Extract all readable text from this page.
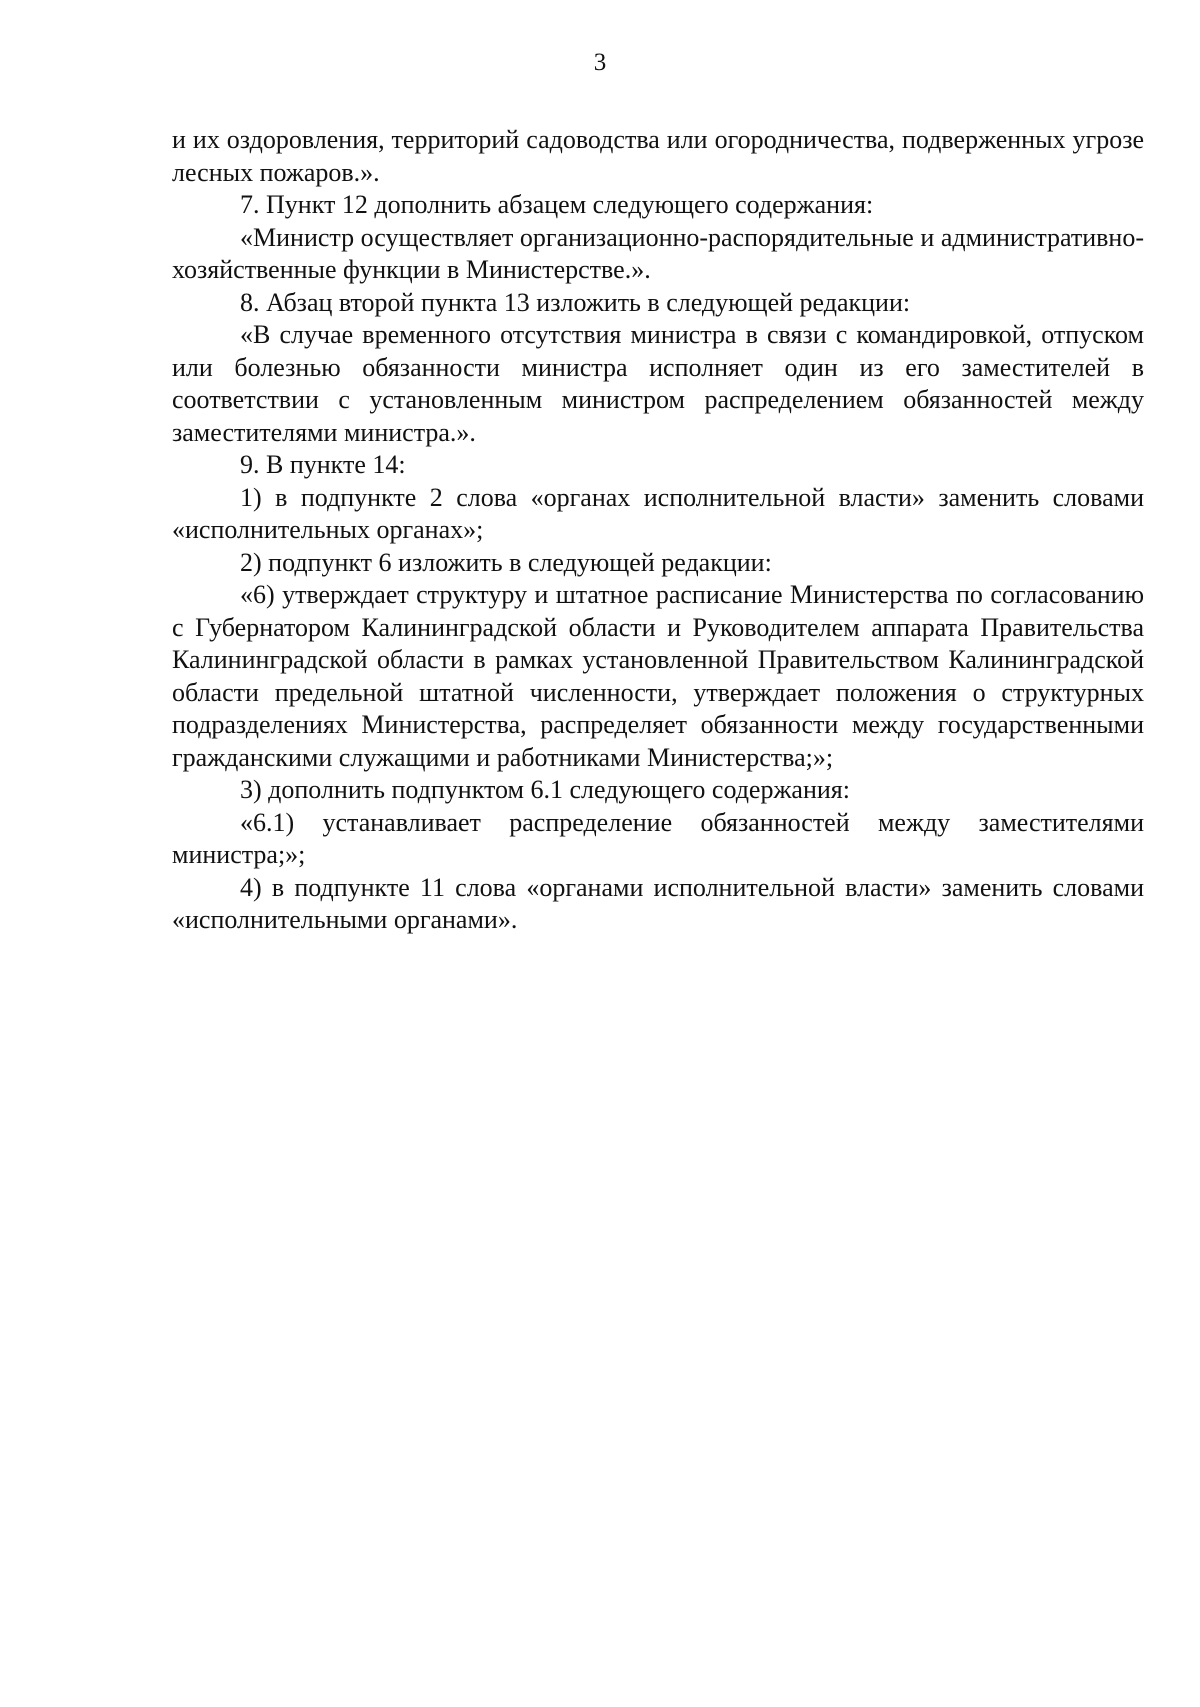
3

и их оздоровления, территорий садоводства или огородничества, подверженных угрозе лесных пожаров.».

7. Пункт 12 дополнить абзацем следующего содержания:

«Министр осуществляет организационно-распорядительные и административно-хозяйственные функции в Министерстве.».

8. Абзац второй пункта 13 изложить в следующей редакции:

«В случае временного отсутствия министра в связи с командировкой, отпуском или болезнью обязанности министра исполняет один из его заместителей в соответствии с установленным министром распределением обязанностей между заместителями министра.».

9. В пункте 14:

1) в подпункте 2 слова «органах исполнительной власти» заменить словами «исполнительных органах»;

2) подпункт 6 изложить в следующей редакции:

«6) утверждает структуру и штатное расписание Министерства по согласованию с Губернатором Калининградской области и Руководителем аппарата Правительства Калининградской области в рамках установленной Правительством Калининградской области предельной штатной численности, утверждает положения о структурных подразделениях Министерства, распределяет обязанности между государственными гражданскими служащими и работниками Министерства;»;

3) дополнить подпунктом 6.1 следующего содержания:

«6.1) устанавливает распределение обязанностей между заместителями министра;»;

4) в подпункте 11 слова «органами исполнительной власти» заменить словами «исполнительными органами».
